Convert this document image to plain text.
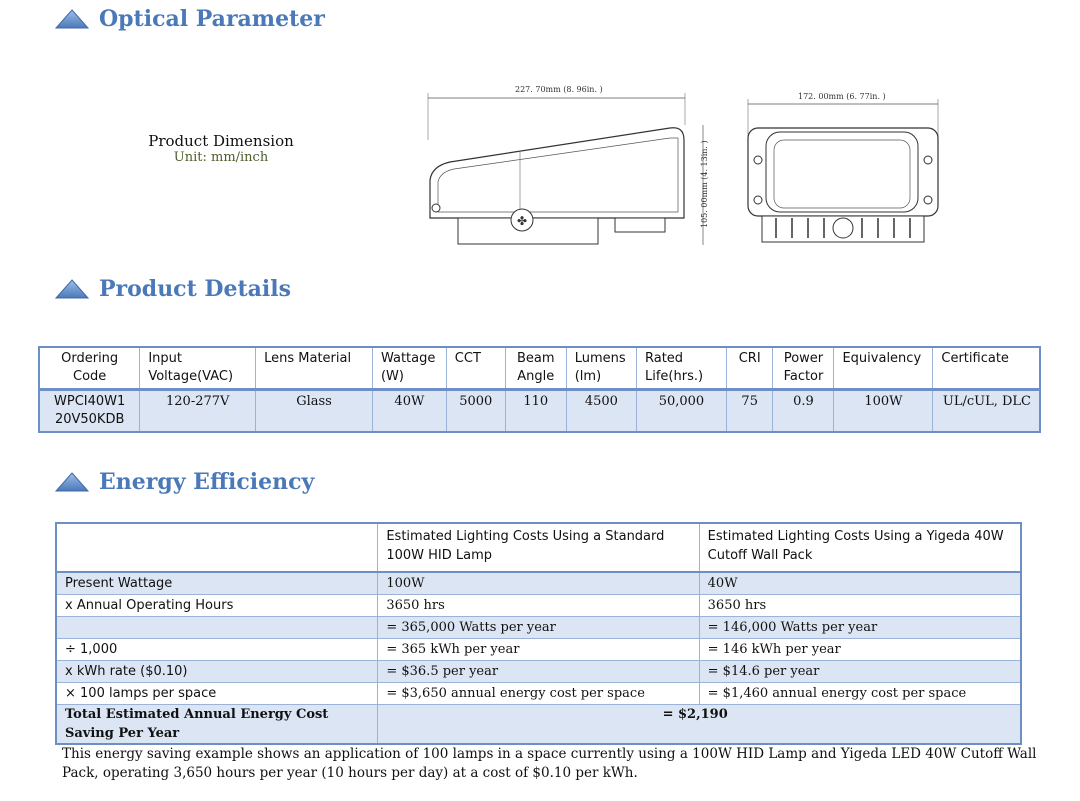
Optical Parameter
Product Dimension
Unit: mm/inch
227. 70mm (8. 96in. )
105. 00mm (4. 13in. )
✤
172. 00mm (6. 77in. )
Product Details
Ordering Code	Input Voltage(VAC)	Lens Material	Wattage (W)	CCT	Beam Angle	Lumens (lm)	Rated Life(hrs.)	CRI	Power Factor	Equivalency	Certificate
WPCI40W1 20V50KDB	120-277V	Glass	40W	5000	110	4500	50,000	75	0.9	100W	UL/cUL, DLC
Energy Efficiency
	Estimated Lighting Costs Using a Standard 100W HID Lamp	Estimated Lighting Costs Using a Yigeda 40W Cutoff Wall Pack
Present Wattage	100W	40W
x Annual Operating Hours	3650 hrs	3650 hrs
	= 365,000 Watts per year	= 146,000 Watts per year
÷ 1,000	= 365 kWh per year	= 146 kWh per year
x kWh rate ($0.10)	= $36.5 per year	= $14.6 per year
× 100 lamps per space	= $3,650 annual energy cost per space	= $1,460 annual energy cost per space
Total Estimated Annual Energy Cost Saving Per Year	= $2,190	
This energy saving example shows an application of 100 lamps in a space currently using a 100W HID Lamp and Yigeda LED 40W Cutoff Wall Pack, operating 3,650 hours per year (10 hours per day) at a cost of $0.10 per kWh.
